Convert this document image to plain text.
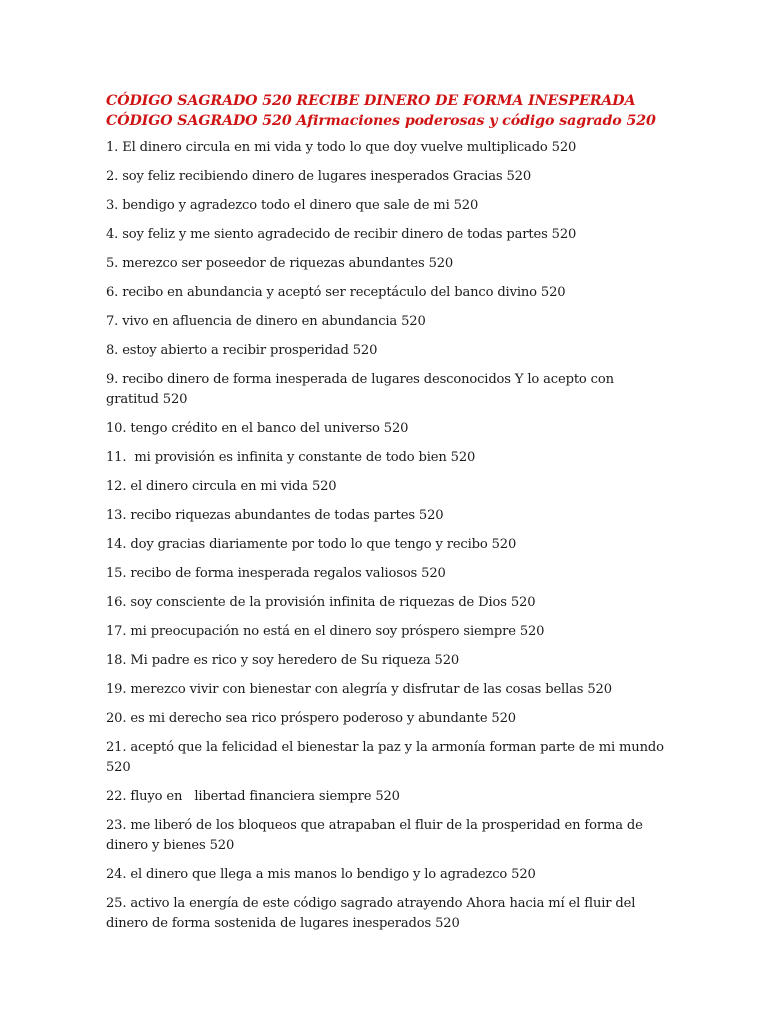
CÓDIGO SAGRADO 520 RECIBE DINERO DE FORMA INESPERADA CÓDIGO SAGRADO 520 Afirmaciones poderosas y código sagrado 520
1. El dinero circula en mi vida y todo lo que doy vuelve multiplicado 520
2. soy feliz recibiendo dinero de lugares inesperados Gracias 520
3. bendigo y agradezco todo el dinero que sale de mi 520
4. soy feliz y me siento agradecido de recibir dinero de todas partes 520
5. merezco ser poseedor de riquezas abundantes 520
6. recibo en abundancia y aceptó ser receptáculo del banco divino 520
7. vivo en afluencia de dinero en abundancia 520
8. estoy abierto a recibir prosperidad 520
9. recibo dinero de forma inesperada de lugares desconocidos Y lo acepto con gratitud 520
10. tengo crédito en el banco del universo 520
11.  mi provisión es infinita y constante de todo bien 520
12. el dinero circula en mi vida 520
13. recibo riquezas abundantes de todas partes 520
14. doy gracias diariamente por todo lo que tengo y recibo 520
15. recibo de forma inesperada regalos valiosos 520
16. soy consciente de la provisión infinita de riquezas de Dios 520
17. mi preocupación no está en el dinero soy próspero siempre 520
18. Mi padre es rico y soy heredero de Su riqueza 520
19. merezco vivir con bienestar con alegría y disfrutar de las cosas bellas 520
20. es mi derecho sea rico próspero poderoso y abundante 520
21. aceptó que la felicidad el bienestar la paz y la armonía forman parte de mi mundo 520
22. fluyo en   libertad financiera siempre 520
23. me liberó de los bloqueos que atrapaban el fluir de la prosperidad en forma de dinero y bienes 520
24. el dinero que llega a mis manos lo bendigo y lo agradezco 520
25. activo la energía de este código sagrado atrayendo Ahora hacia mí el fluir del dinero de forma sostenida de lugares inesperados 520
